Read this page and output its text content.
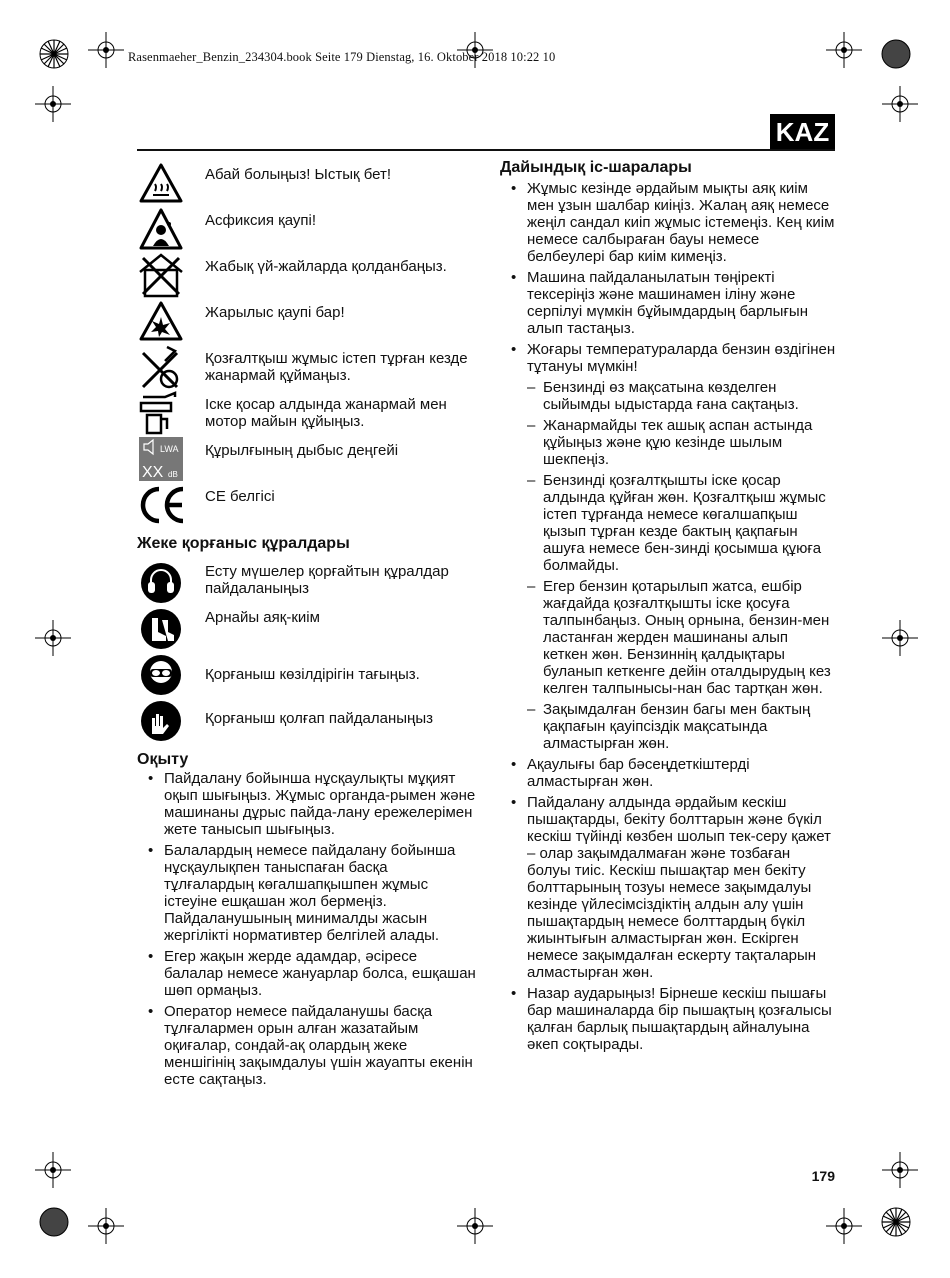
Rasenmaeher_Benzin_234304.book Seite 179 Dienstag, 16. Oktober 2018 10:22 10
KAZ
Абай болыңыз! Ыстық бет!
Асфиксия қаупі!
Жабық үй-жайларда қолданбаңыз.
Жарылыс қаупі бар!
Қозғалтқыш жұмыс істеп тұрған кезде жанармай құймаңыз.
Іске қосар алдында жанармай мен мотор майын құйыңыз.
LWA
XX dB
Құрылғының дыбыс деңгейі
CE белгісі
Жеке қорғаныс құралдары
Есту мүшелер қорғайтын құралдар пайдаланыңыз
Арнайы аяқ-киім
Қорғаныш көзілдірігін тағыңыз.
Қорғаныш қолғап пайдаланыңыз
Оқыту
• Пайдалану бойынша нұсқаулықты мұқият оқып шығыңыз. Жұмыс органда-рымен және машинаны дұрыс пайда-лану ережелерімен жете танысып шығыңыз.
• Балалардың немесе пайдалану бойынша нұсқаулықпен таныспаған басқа тұлғалардың көгалшапқышпен жұмыс істеуіне ешқашан жол бермеңіз. Пайдаланушының минималды жасын жергілікті нормативтер белгілей алады.
• Егер жақын жерде адамдар, әсіресе балалар немесе жануарлар болса, ешқашан шөп ормаңыз.
• Оператор немесе пайдаланушы басқа тұлғалармен орын алған жазатайым оқиғалар, сондай-ақ олардың жеке меншігінің зақымдалуы үшін жауапты екенін есте сақтаңыз.
Дайындық іс-шаралары
• Жұмыс кезінде әрдайым мықты аяқ киім мен ұзын шалбар киіңіз. Жалаң аяқ немесе жеңіл сандал киіп жұмыс істемеңіз. Кең киім немесе салбыраған бауы немесе белбеулері бар киім кимеңіз.
• Машина пайдаланылатын төңіректі тексеріңіз және машинамен іліну және серпілуі мүмкін бұйымдардың барлығын алып тастаңыз.
• Жоғары температураларда бензин өздігінен тұтануы мүмкін!
– Бензинді өз мақсатына көзделген сыйымды ыдыстарда ғана сақтаңыз.
– Жанармайды тек ашық аспан астында құйыңыз және құю кезінде шылым шекпеңіз.
– Бензинді қозғалтқышты іске қосар алдында құйған жөн. Қозғалтқыш жұмыс істеп тұрғанда немесе көгалшапқыш қызып тұрған кезде бактың қақпағын ашуға немесе бен-зинді қосымша құюға болмайды.
– Егер бензин қотарылып жатса, ешбір жағдайда қозғалтқышты іске қосуға талпынбаңыз. Оның орнына, бензин-мен ластанған жерден машинаны алып кеткен жөн. Бензиннің қалдықтары буланып кеткенге дейін оталдырудың кез келген талпынысы-нан бас тартқан жөн.
– Зақымдалған бензин багы мен бактың қақпағын қауіпсіздік мақсатында алмастырған жөн.
• Ақаулығы бар бәсеңдеткіштерді алмастырған жөн.
• Пайдалану алдында әрдайым кескіш пышақтарды, бекіту болттарын және бүкіл кескіш түйінді көзбен шолып тек-серу қажет – олар зақымдалмаған және тозбаған болуы тиіс. Кескіш пышақтар мен бекіту болттарының тозуы немесе зақымдалуы кезінде үйлесімсіздіктің алдын алу үшін пышақтардың немесе болттардың бүкіл жиынтығын алмастырған жөн. Ескірген немесе зақымдалған ескерту тақталарын алмастырған жөн.
• Назар аударыңыз! Бірнеше кескіш пышағы бар машиналарда бір пышақтың қозғалысы қалған барлық пышақтардың айналуына әкеп соқтырады.
179
